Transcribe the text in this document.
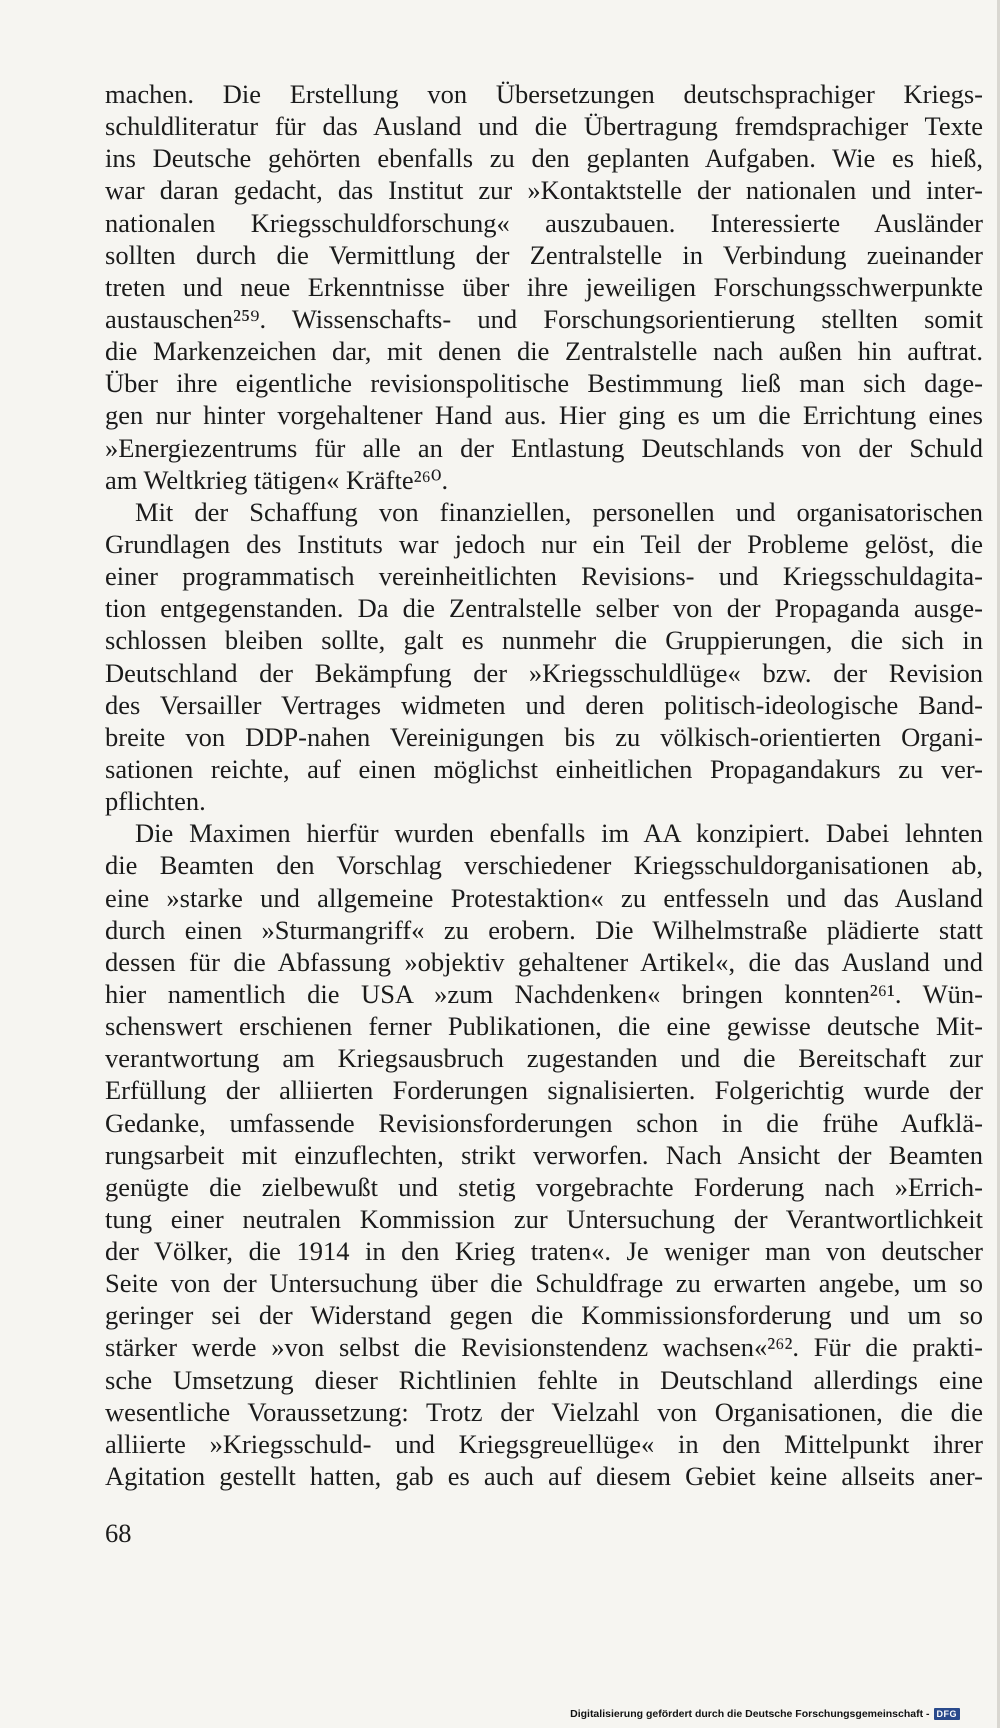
machen. Die Erstellung von Übersetzungen deutschsprachiger Kriegs-
schuldliteratur für das Ausland und die Übertragung fremdsprachiger Texte
ins Deutsche gehörten ebenfalls zu den geplanten Aufgaben. Wie es hieß,
war daran gedacht, das Institut zur »Kontaktstelle der nationalen und inter-
nationalen Kriegsschuldforschung« auszubauen. Interessierte Ausländer
sollten durch die Vermittlung der Zentralstelle in Verbindung zueinander
treten und neue Erkenntnisse über ihre jeweiligen Forschungsschwerpunkte
austauschen²⁵⁹. Wissenschafts- und Forschungsorientierung stellten somit
die Markenzeichen dar, mit denen die Zentralstelle nach außen hin auftrat.
Über ihre eigentliche revisionspolitische Bestimmung ließ man sich dage-
gen nur hinter vorgehaltener Hand aus. Hier ging es um die Errichtung eines
»Energiezentrums für alle an der Entlastung Deutschlands von der Schuld
am Weltkrieg tätigen« Kräfte²⁶⁰.
Mit der Schaffung von finanziellen, personellen und organisatorischen
Grundlagen des Instituts war jedoch nur ein Teil der Probleme gelöst, die
einer programmatisch vereinheitlichten Revisions- und Kriegsschuldagita-
tion entgegenstanden. Da die Zentralstelle selber von der Propaganda ausge-
schlossen bleiben sollte, galt es nunmehr die Gruppierungen, die sich in
Deutschland der Bekämpfung der »Kriegsschuldlüge« bzw. der Revision
des Versailler Vertrages widmeten und deren politisch-ideologische Band-
breite von DDP-nahen Vereinigungen bis zu völkisch-orientierten Organi-
sationen reichte, auf einen möglichst einheitlichen Propagandakurs zu ver-
pflichten.
Die Maximen hierfür wurden ebenfalls im AA konzipiert. Dabei lehnten
die Beamten den Vorschlag verschiedener Kriegsschuldorganisationen ab,
eine »starke und allgemeine Protestaktion« zu entfesseln und das Ausland
durch einen »Sturmangriff« zu erobern. Die Wilhelmstraße plädierte statt
dessen für die Abfassung »objektiv gehaltener Artikel«, die das Ausland und
hier namentlich die USA »zum Nachdenken« bringen konnten²⁶¹. Wün-
schenswert erschienen ferner Publikationen, die eine gewisse deutsche Mit-
verantwortung am Kriegsausbruch zugestanden und die Bereitschaft zur
Erfüllung der alliierten Forderungen signalisierten. Folgerichtig wurde der
Gedanke, umfassende Revisionsforderungen schon in die frühe Aufklä-
rungsarbeit mit einzuflechten, strikt verworfen. Nach Ansicht der Beamten
genügte die zielbewußt und stetig vorgebrachte Forderung nach »Errich-
tung einer neutralen Kommission zur Untersuchung der Verantwortlichkeit
der Völker, die 1914 in den Krieg traten«. Je weniger man von deutscher
Seite von der Untersuchung über die Schuldfrage zu erwarten angebe, um so
geringer sei der Widerstand gegen die Kommissionsforderung und um so
stärker werde »von selbst die Revisionstendenz wachsen«²⁶². Für die prakti-
sche Umsetzung dieser Richtlinien fehlte in Deutschland allerdings eine
wesentliche Voraussetzung: Trotz der Vielzahl von Organisationen, die die
alliierte »Kriegsschuld- und Kriegsgreuellüge« in den Mittelpunkt ihrer
Agitation gestellt hatten, gab es auch auf diesem Gebiet keine allseits aner-
68
Digitalisierung gefördert durch die Deutsche Forschungsgemeinschaft - DFG
